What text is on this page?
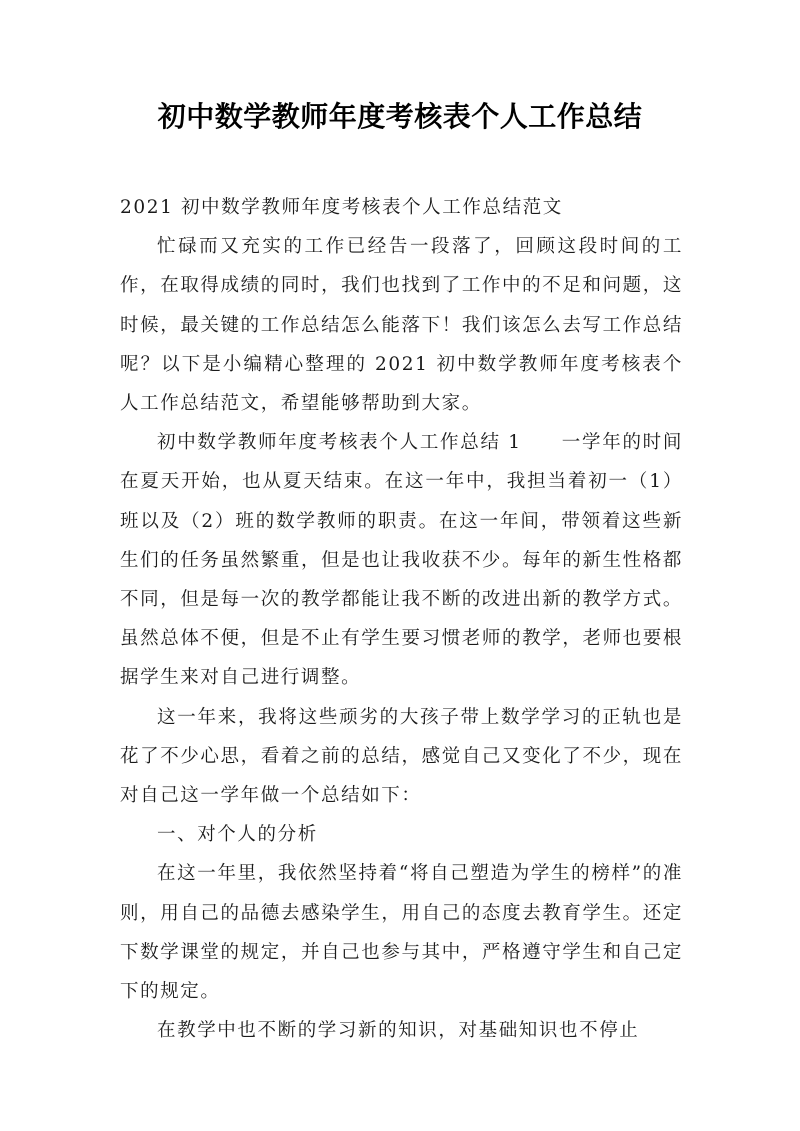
初中数学教师年度考核表个人工作总结

2021 初中数学教师年度考核表个人工作总结范文

忙碌而又充实的工作已经告一段落了，回顾这段时间的工作，在取得成绩的同时，我们也找到了工作中的不足和问题，这时候，最关键的工作总结怎么能落下！我们该怎么去写工作总结呢？以下是小编精心整理的 2021 初中数学教师年度考核表个人工作总结范文，希望能够帮助到大家。

初中数学教师年度考核表个人工作总结 1 一学年的时间在夏天开始，也从夏天结束。在这一年中，我担当着初一（1）班以及（2）班的数学教师的职责。在这一年间，带领着这些新生们的任务虽然繁重，但是也让我收获不少。每年的新生性格都不同，但是每一次的教学都能让我不断的改进出新的教学方式。虽然总体不便，但是不止有学生要习惯老师的教学，老师也要根据学生来对自己进行调整。

这一年来，我将这些顽劣的大孩子带上数学学习的正轨也是花了不少心思，看着之前的总结，感觉自己又变化了不少，现在对自己这一学年做一个总结如下：

一、对个人的分析

在这一年里，我依然坚持着“将自己塑造为学生的榜样”的准则，用自己的品德去感染学生，用自己的态度去教育学生。还定下数学课堂的规定，并自己也参与其中，严格遵守学生和自己定下的规定。

在教学中也不断的学习新的知识，对基础知识也不停止
